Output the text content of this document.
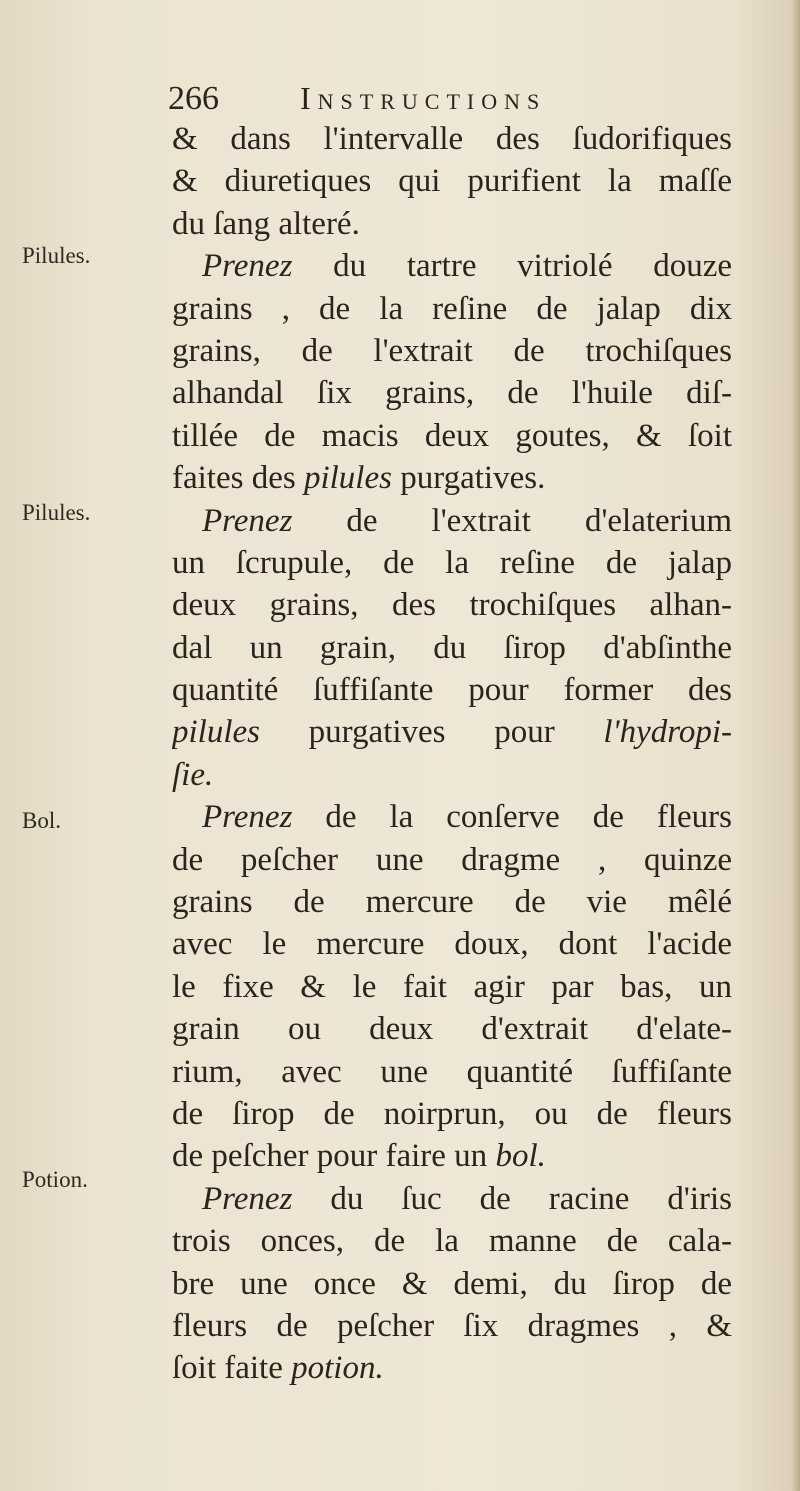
266	Instructions
Pilules.
Pilules.
Bol.
Potion.
& dans l'intervalle des ſudorifiques
& diuretiques qui purifient la maſſe
du ſang alteré.
Prenez du tartre vitriolé douze
grains , de la reſine de jalap dix
grains, de l'extrait de trochiſques
alhandal ſix grains, de l'huile diſ-
tillée de macis deux goutes, & ſoit
faites des pilules purgatives.
Prenez de l'extrait d'elaterium
un ſcrupule, de la reſine de jalap
deux grains, des trochiſques alhan-
dal un grain, du ſirop d'abſinthe
quantité ſuffiſante pour former des
pilules purgatives pour l'hydropi-
ſie.
Prenez de la conſerve de fleurs
de peſcher une dragme , quinze
grains de mercure de vie mêlé
avec le mercure doux, dont l'acide
le fixe & le fait agir par bas, un
grain ou deux d'extrait d'elate-
rium, avec une quantité ſuffiſante
de ſirop de noirprun, ou de fleurs
de peſcher pour faire un bol.
Prenez du ſuc de racine d'iris
trois onces, de la manne de cala-
bre une once & demi, du ſirop de
fleurs de peſcher ſix dragmes , &
ſoit faite potion.
